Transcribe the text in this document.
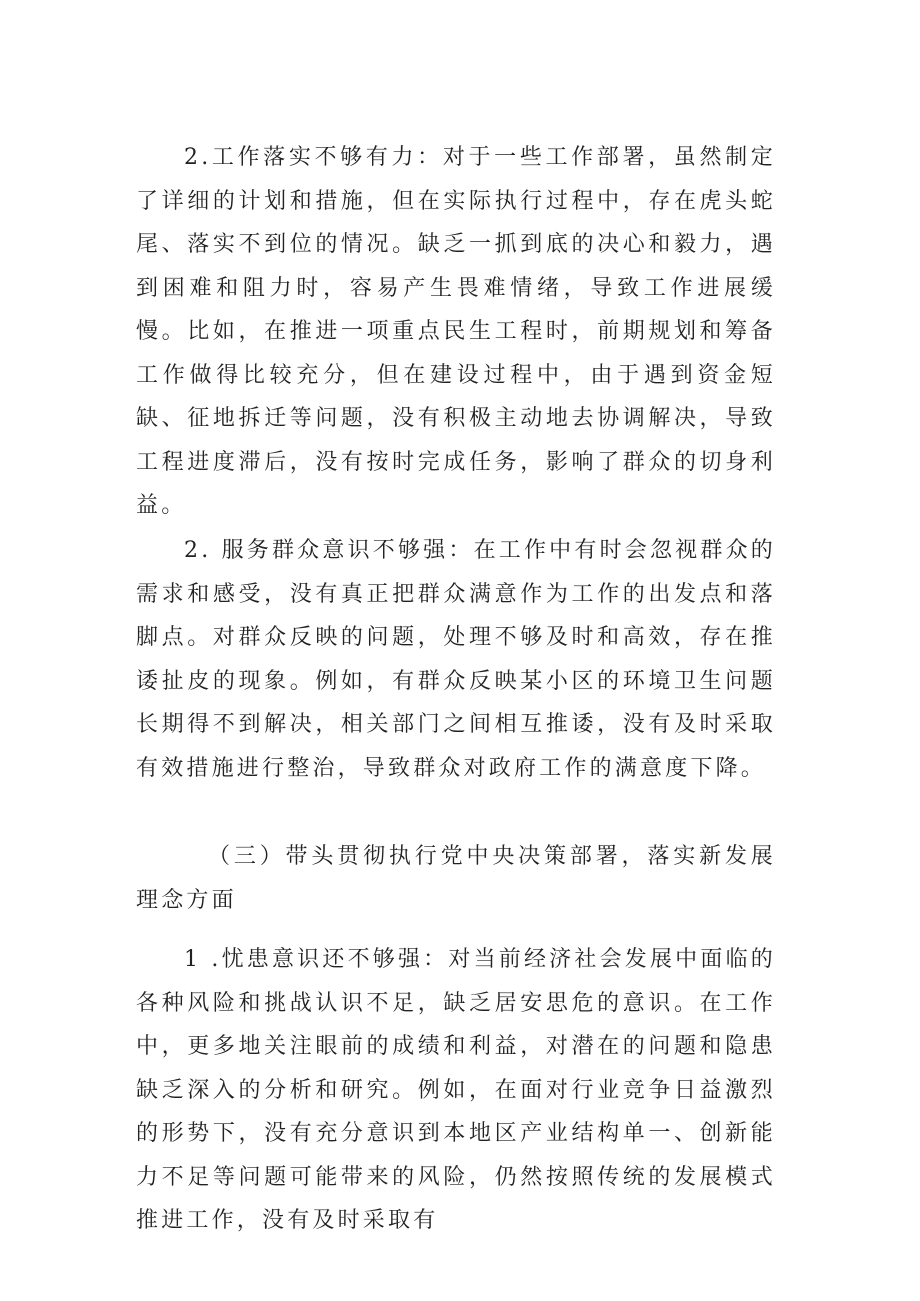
2.工作落实不够有力：对于一些工作部署，虽然制定了详细的计划和措施，但在实际执行过程中，存在虎头蛇尾、落实不到位的情况。缺乏一抓到底的决心和毅力，遇到困难和阻力时，容易产生畏难情绪，导致工作进展缓慢。比如，在推进一项重点民生工程时，前期规划和筹备工作做得比较充分，但在建设过程中，由于遇到资金短缺、征地拆迁等问题，没有积极主动地去协调解决，导致工程进度滞后，没有按时完成任务，影响了群众的切身利益。

2. 服务群众意识不够强：在工作中有时会忽视群众的需求和感受，没有真正把群众满意作为工作的出发点和落脚点。对群众反映的问题，处理不够及时和高效，存在推诿扯皮的现象。例如，有群众反映某小区的环境卫生问题长期得不到解决，相关部门之间相互推诿，没有及时采取有效措施进行整治，导致群众对政府工作的满意度下降。

（三）带头贯彻执行党中央决策部署，落实新发展理念方面

1 .忧患意识还不够强：对当前经济社会发展中面临的各种风险和挑战认识不足，缺乏居安思危的意识。在工作中，更多地关注眼前的成绩和利益，对潜在的问题和隐患缺乏深入的分析和研究。例如，在面对行业竞争日益激烈的形势下，没有充分意识到本地区产业结构单一、创新能力不足等问题可能带来的风险，仍然按照传统的发展模式推进工作，没有及时采取有
